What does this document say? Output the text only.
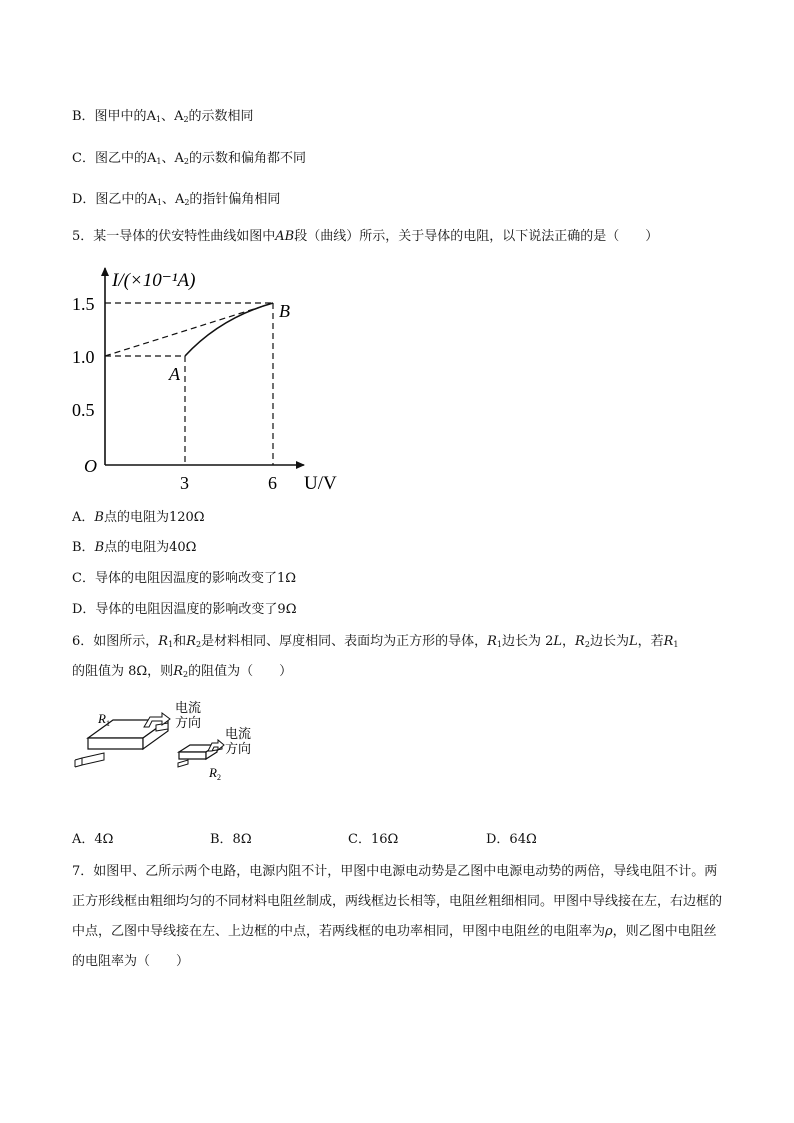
B．图甲中的$A_1$、$A_2$的示数相同
C．图乙中的$A_1$、$A_2$的示数和偏角都不同
D．图乙中的$A_1$、$A_2$的指针偏角相同
5．某一导体的伏安特性曲线如图中AB段（曲线）所示，关于导体的电阻，以下说法正确的是（　　）
I/(×10⁻¹A)
U/V
O
A
B
1.5
1.0
0.5
3	6
A．B点的电阻为120Ω
B．B点的电阻为40Ω
C．导体的电阻因温度的影响改变了1Ω
D．导体的电阻因温度的影响改变了9Ω
6．如图所示，$R_1$和$R_2$是材料相同、厚度相同、表面均为正方形的导体，$R_1$边长为 2L，$R_2$边长为L，若$R_1$
的阻值为 8Ω，则$R_2$的阻值为（　　）
R 1
R 2
电流
方向
电流
方向
A．4Ω	B．8Ω	C．16Ω	D．64Ω
7．如图甲、乙所示两个电路，电源内阻不计，甲图中电源电动势是乙图中电源电动势的两倍，导线电阻不计。两正方形线框由粗细均匀的不同材料电阻丝制成，两线框边长相等，电阻丝粗细相同。甲图中导线接在左，右边框的中点，乙图中导线接在左、上边框的中点，若两线框的电功率相同，甲图中电阻丝的电阻率为ρ，则乙图中电阻丝的电阻率为（　　）
